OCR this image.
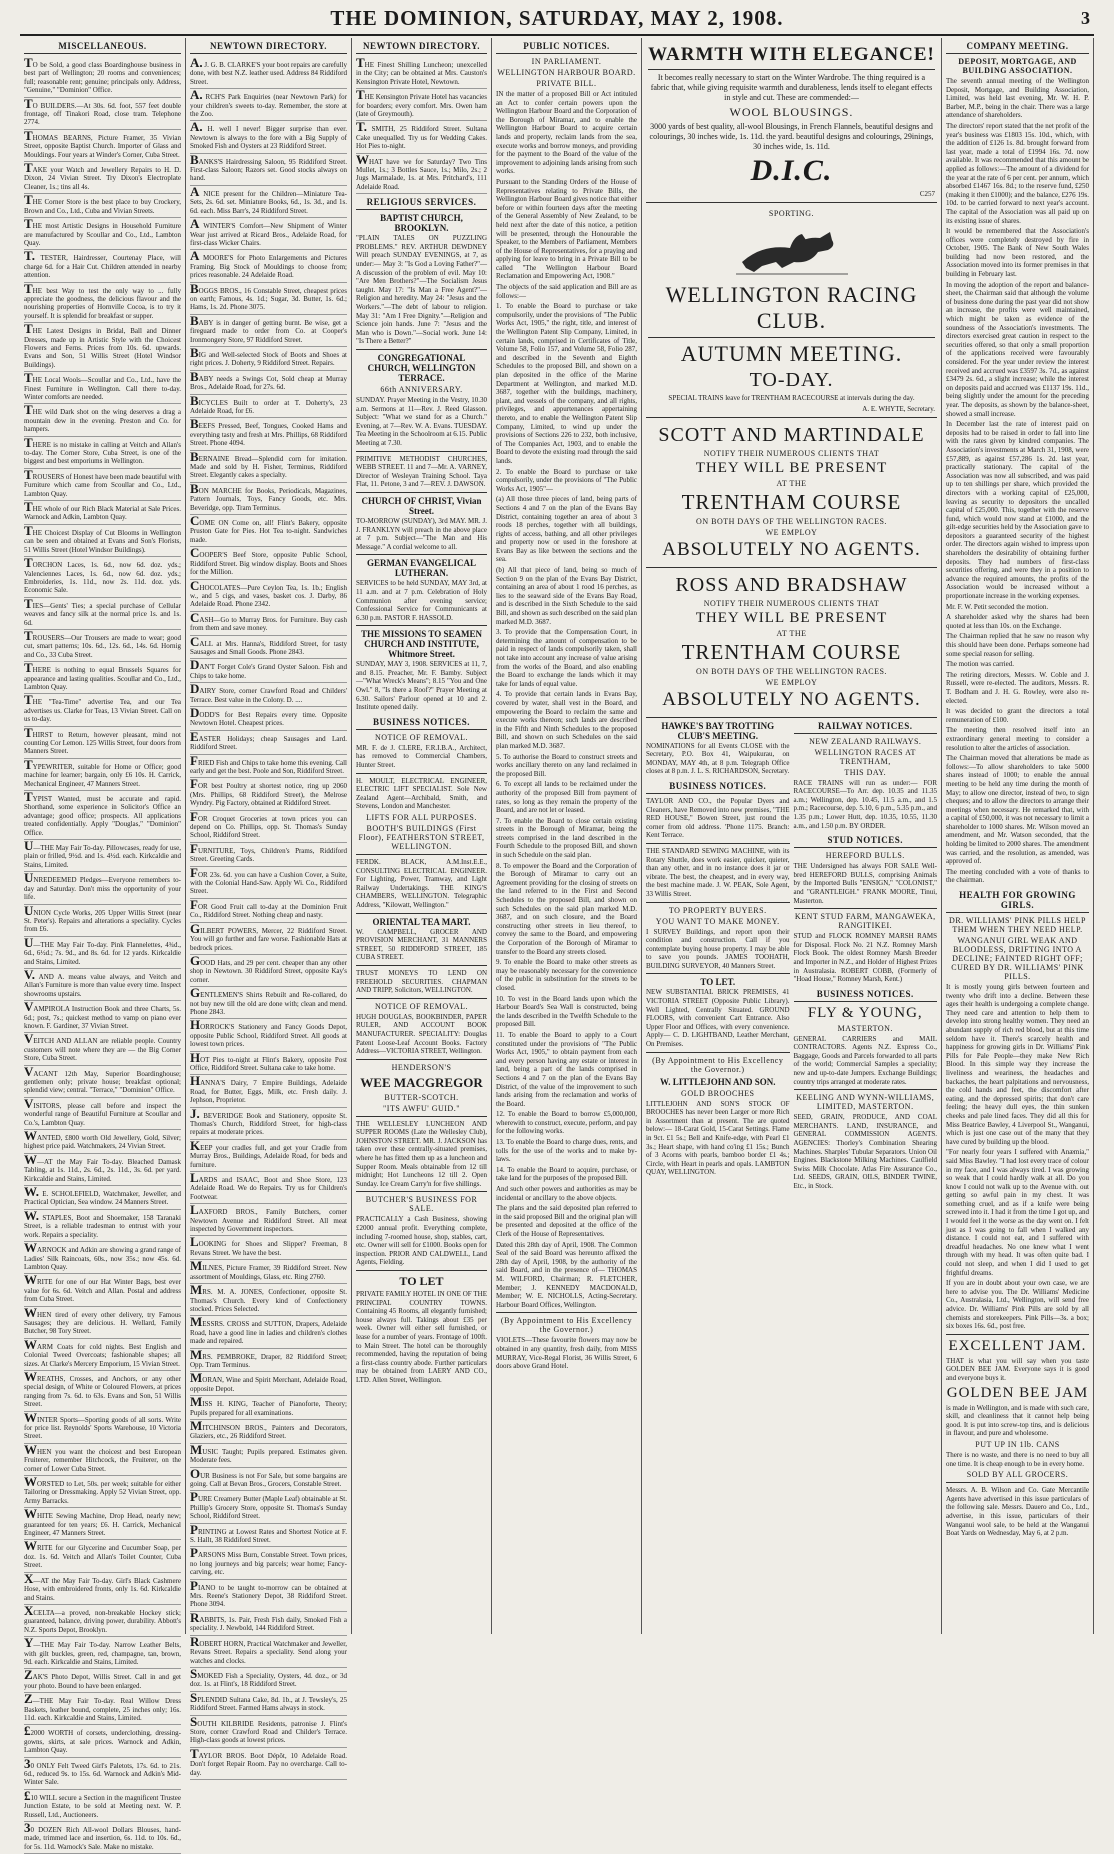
THE DOMINION, SATURDAY, MAY 2, 1908.	3
MISCELLANEOUS.
TO be Sold, a good class Boardinghouse business in best part of Wellington; 20 rooms and conveniences; full; reasonable rent; genuine; principals only. Address, "Genuine," "Dominion" Office.
TO BUILDERS.—At 30s. 6d. foot, 557 feet double frontage, off Tinakori Road, close tram. Telephone 2774.
THOMAS BEARNS, Picture Framer, 35 Vivian Street, opposite Baptist Church. Importer of Glass and Mouldings. Four years at Winder's Corner, Cuba Street.
TAKE your Watch and Jewellery Repairs to H. D. Dixon, 24 Vivian Street. Try Dixon's Electroplate Cleaner, 1s.; tins all 4s.
THE Corner Store is the best place to buy Crockery, Brown and Co., Ltd., Cuba and Vivian Streets.
THE most Artistic Designs in Household Furniture are manufactured by Scoullar and Co., Ltd., Lambton Quay.
T. TESTER, Hairdresser, Courtenay Place, will charge 6d. for a Hair Cut. Children attended in nearby attention.
THE best Way to test the only way to ... fully appreciate the goodness, the delicious flavour and the nourishing properties of Hornville Cocoa, is to try it yourself. It is splendid for breakfast or supper.
THE Latest Designs in Bridal, Ball and Dinner Dresses, made up in Artistic Style with the Choicest Flowers and Ferns. Prices from 10s. 6d. upwards. Evans and Son, 51 Willis Street (Hotel Windsor Buildings).
THE Local Wools—Scoullar and Co., Ltd., have the Finest Furniture in Wellington. Call there to-day. Winter comforts are needed.
THE wild Dark shot on the wing deserves a drag a mountain dew in the evening. Preston and Co. for hampers.
THERE is no mistake in calling at Veitch and Allan's to-day. The Corner Store, Cuba Street, is one of the biggest and best emporiums in Wellington.
TROUSERS of Honest have been made beautiful with Furniture which came from Scoullar and Co., Ltd., Lambton Quay.
THE whole of our Rich Black Material at Sale Prices. Warnock and Adkin, Lambton Quay.
THE Choicest Display of Cut Blooms in Wellington can be seen and obtained at Evans and Son's Florists, 51 Willis Street (Hotel Windsor Buildings).
TORCHON Laces, 1s. 6d., now 6d. doz. yds.; Valenciennes Laces, 1s. 6d., now 6d. doz. yds.; Embroideries, 1s. 11d., now 2s. 11d. doz. yds. Economic Sale.
TIES—Gents' Ties; a special purchase of Cellular weaves and fancy silk at the normal price 1s. and 1s. 6d.
TROUSERS—Our Trousers are made to wear; good cut, smart patterns; 10s. 6d., 12s. 6d., 14s. 6d. Hornig and Co., 33 Cuba Street.
THERE is nothing to equal Brussels Squares for appearance and lasting qualities. Scoullar and Co., Ltd., Lambton Quay.
THE "Tea-Time" advertise Tea, and our Tea advertises us. Clarke for Teas, 13 Vivian Street. Call on us to-day.
THIRST to Return, however pleasant, mind not counting Cor Lemon. 125 Willis Street, four doors from Manners Street.
TYPEWRITER, suitable for Home or Office; good machine for learner; bargain, only £6 10s. H. Carrick, Mechanical Engineer, 47 Manners Street.
TYPIST Wanted, must be accurate and rapid. Shorthand, some experience in Solicitor's Office an advantage; good office; prospects. All applications treated confidentially. Apply "Douglas," "Dominion" Office.
U—THE May Fair To-day. Pillowcases, ready for use, plain or frilled, 9½d. and 1s. 4½d. each. Kirkcaldie and Stains, Limited.
UNREDEEMED Pledges—Everyone remembers to-day and Saturday. Don't miss the opportunity of your life.
UNION Cycle Works, 205 Upper Willis Street (near St. Peter's). Repairs and alterations a speciality. Cycles from £6.
U—THE May Fair To-day. Pink Flannelettes, 4¾d., 6d., 6½d.; 7s. 9d., and 8s. 6d. for 12 yards. Kirkcaldie and Stains, Limited.
V. AND A. means value always, and Veitch and Allan's Furniture is more than value every time. Inspect showrooms upstairs.
VAMPIROLA Instruction Book and three Charts, 5s. 6d.; post, 7s.; quickest method to vamp on piano ever known. F. Gardiner, 37 Vivian Street.
VEITCH AND ALLAN are reliable people. Country customers will note where they are — the Big Corner Store, Cuba Street.
VACANT 12th May, Superior Boardinghouse; gentlemen only; private house; breakfast optional; splendid view; central. "Terrace," "Dominion" Office.
VISITORS, please call before and inspect the wonderful range of Beautiful Furniture at Scoullar and Co.'s, Lambton Quay.
WANTED, £800 worth Old Jewellery, Gold, Silver; highest price paid. Watchmakers, 24 Vivian Street.
W—AT the May Fair To-day. Bleached Damask Tabling, at 1s. 11d., 2s. 6d., 2s. 11d., 3s. 6d. per yard. Kirkcaldie and Stains, Limited.
W. E. SCHOLEFIELD, Watchmaker, Jeweller, and Practical Optician, Sea window. 24 Manners Street.
W. STAPLES, Boot and Shoemaker, 158 Taranaki Street, is a reliable tradesman to entrust with your work. Repairs a speciality.
WARNOCK and Adkin are showing a grand range of Ladies' Silk Raincoats, 60s., now 35s.; now 45s. 6d. Lambton Quay.
WRITE for one of our Hat Winter Bags, best ever value for 6s. 6d. Veitch and Allan. Postal and address from Cuba Street.
WHEN tired of every other delivery, try Famous Sausages; they are delicious. H. Wellard, Family Butcher, 98 Tory Street.
WARM Coats for cold nights. Best English and Colonial Tweed Overcoats; fashionable shapes; all sizes. At Clarke's Mercery Emporium, 15 Vivian Street.
WREATHS, Crosses, and Anchors, or any other special design, of White or Coloured Flowers, at prices ranging from 7s. 6d. to 63s. Evans and Son, 51 Willis Street.
WINTER Sports—Sporting goods of all sorts. Write for price list. Reynolds' Sports Warehouse, 10 Victoria Street.
WHEN you want the choicest and best European Fruiterer, remember Hitchcock, the Fruiterer, on the corner of Lower Cuba Street.
WORSTED to Let, 50s. per week; suitable for either Tailoring or Dressmaking. Apply 52 Vivian Street, opp. Army Barracks.
WHITE Sewing Machine, Drop Head, nearly new; guaranteed for ten years; £6. H. Carrick, Mechanical Engineer, 47 Manners Street.
WRITE for our Glycerine and Cucumber Soap, per doz. 1s. 6d. Veitch and Allan's Toilet Counter, Cuba Street.
X—AT the May Fair To-day. Girl's Black Cashmere Hose, with embroidered fronts, only 1s. 6d. Kirkcaldie and Stains.
XCELTA—a proved, non-breakable Hockey stick; guaranteed, balance, driving power, durability. Abbott's N.Z. Sports Depot, Brooklyn.
Y—THE May Fair To-day. Narrow Leather Belts, with gilt buckles, green, red, champagne, tan, brown, 9d. each. Kirkcaldie and Stains, Limited.
ZAK'S Photo Depot, Willis Street. Call in and get your photo. Bound to have been enlarged.
Z—THE May Fair To-day. Real Willow Dress Baskets, leather bound, complete, 25 inches only; 16s. 11d. each. Kirkcaldie and Stains, Limited.
£2000 WORTH of corsets, underclothing, dressing-gowns, skirts, at sale prices. Warnock and Adkin, Lambton Quay.
30 ONLY Felt Tweed Girl's Paletots, 17s. 6d. to 21s. 6d., reduced 9s. to 15s. 6d. Warnock and Adkin's Mid-Winter Sale.
£10 WILL secure a Section in the magnificent Trustee Junction Estate, to be sold at Meeting next. W. P. Russell, Ltd., Auctioneers.
30 DOZEN Rich All-wool Dollars Blouses, hand-made, trimmed lace and insertion, 6s. 11d. to 10s. 6d., for 5s. 11d. Warnock's Sale. Make no mistake.
NEWTOWN DIRECTORY.
A. J. G. B. CLARKE'S your boot repairs are carefully done, with best N.Z. leather used. Address 84 Riddiford Street.
A. RCH'S Park Enquiries (near Newtown Park) for your children's sweets to-day. Remember, the store at the Zoo.
A. H. well I never! Bigger surprise than ever. Newtown is always to the fore with a Big Supply of Smoked Fish and Oysters at 23 Riddiford Street.
BANKS'S Hairdressing Saloon, 95 Riddiford Street. First-class Saloon; Razors set. Good stocks always on hand.
A NICE present for the Children—Miniature Tea-Sets, 2s. 6d. set. Miniature Books, 6d., 1s. 3d., and 1s. 6d. each. Miss Barr's, 24 Riddiford Street.
A WINTER'S Comfort—New Shipment of Winter Wear just arrived at Ricard Bros., Adelaide Road, for first-class Wicker Chairs.
A MOORE'S for Photo Enlargements and Pictures Framing. Big Stock of Mouldings to choose from; prices reasonable. 24 Adelaide Road.
BOGGS BROS., 16 Constable Street, cheapest prices on earth; Famous, 4s. 1d.; Sugar, 3d. Butter, 1s. 6d.; Hams, 1s. 2d. Phone 3075.
BABY is in danger of getting burnt. Be wise, get a fireguard made to order from Co. at Cooper's Ironmongery Store, 97 Riddiford Street.
BIG and Well-selected Stock of Boots and Shoes at right prices. J. Doherty, 9 Riddiford Street. Repairs.
BABY needs a Swings Cot, Sold cheap at Murray Bros., Adelaide Road, for 27s. 6d.
BICYCLES Built to order at T. Doherty's, 23 Adelaide Road, for £6.
BEEFS Pressed, Beef, Tongues, Cooked Hams and everything tasty and fresh at Mrs. Phillips, 68 Riddiford Street. Phone 4094.
BERNAINE Bread—Splendid corn for imitation. Made and sold by H. Fisher, Terminus, Riddiford Street. Elegantly cakes a specialty.
BON MARCHE for Books, Periodicals, Magazines, Pattern Journals, Toys, Fancy Goods, etc. Mrs. Beveridge, opp. Tram Terminus.
COME ON Come on, all! Flint's Bakery, opposite Pruston Gate for Pies. Hot Tea to-night. Sandwiches made.
COOPER'S Beef Store, opposite Public School, Riddiford Street. Big window display. Boots and Shoes for the Million.
CHOCOLATES—Pure Ceylon Tea, 1s. 1b.; English w., and 5 cigs, and vases, basket cos. J. Darby, 86 Adelaide Road. Phone 2342.
CASH—Go to Murray Bros. for Furniture. Buy cash from them and save money.
CALL at Mrs. Hanna's, Riddiford Street, for tasty Sausages and Small Goods. Phone 2843.
DAN'T Forget Cole's Grand Oyster Saloon. Fish and Chips to take home.
DAIRY Store, corner Crawford Road and Childers' Terrace. Best value in the Colony. D. ....
DODD'S for Best Repairs every time. Opposite Newtown Hotel. Cheapest prices.
EASTER Holidays; cheap Sausages and Lard. Riddiford Street.
FRIED Fish and Chips to take home this evening. Call early and get the best. Poole and Son, Riddiford Street.
FOR best Poultry at shortest notice, ring up 2060 (Mrs. Phillips, 68 Riddiford Street), the Melrose Wyndry. Pig Factory, obtained at Riddiford Street.
FOR Croquet Groceries at town prices you can depend on Co. Phillips, opp. St. Thomas's Sunday School, Riddiford Street.
FURNITURE, Toys, Children's Prams, Riddiford Street. Greeting Cards.
FOR 23s. 6d. you can have a Cushion Cover, a Suite, with the Colonial Hand-Saw. Apply Wi. Co., Riddiford Street.
FOR Good Fruit call to-day at the Dominion Fruit Co., Riddiford Street. Nothing cheap and nasty.
GILBERT POWERS, Mercer, 22 Riddiford Street. You will go further and fare worse. Fashionable Hats at bedrock prices.
GOOD Hats, and 29 per cent. cheaper than any other shop in Newtown. 30 Riddiford Street, opposite Kay's corner.
GENTLEMEN'S Shirts Rebuilt and Re-collared, do not buy new till the old are done with; clean and mend. Phone 2843.
HORROCK'S Stationery and Fancy Goods Depot, opposite Public School, Riddiford Street. All goods at lowest town prices.
HOT Pies to-night at Flint's Bakery, opposite Post Office, Riddiford Street. Sultana cake to take home.
HANNA'S Dairy, 7 Empire Buildings, Adelaide Road, for Butter, Eggs, Milk, etc. Fresh daily. J. Jephson, Proprietor.
J. BEVERIDGE Book and Stationery, opposite St. Thomas's Church, Riddiford Street, for high-class repairs at moderate prices.
KEEP your cradles full, and get your Cradle from Murray Bros., Buildings, Adelaide Road, for beds and furniture.
LARDS and ISAAC, Boot and Shoe Store, 123 Adelaide Road. We do Repairs. Try us for Children's Footwear.
LAXFORD BROS., Family Butchers, corner Newtown Avenue and Riddiford Street. All meat inspected by Government inspectors.
LOOKING for Shoes and Slipper? Freeman, 8 Revans Street. We have the best.
MILNES, Picture Framer, 39 Riddiford Street. New assortment of Mouldings, Glass, etc. Ring 2760.
MRS. M. A. JONES, Confectioner, opposite St. Thomas's Church. Every kind of Confectionery stocked. Prices Selected.
MESSRS. CROSS and SUTTON, Drapers, Adelaide Road, have a good line in ladies and children's clothes made and repaired.
MRS. PEMBROKE, Draper, 82 Riddiford Street; Opp. Tram Terminus.
MORAN, Wine and Spirit Merchant, Adelaide Road, opposite Depot.
MISS H. KING, Teacher of Pianoforte, Theory; Pupils prepared for all examinations.
MITCHINSON BROS., Painters and Decorators, Glaziers, etc., 26 Riddiford Street.
MUSIC Taught; Pupils prepared. Estimates given. Moderate fees.
OUR Business is not For Sale, but some bargains are going. Call at Bevan Bros., Grocers, Constable Street.
PURE Creamery Butter (Maple Leaf) obtainable at St. Phillip's Grocery Store, opposite St. Thomas's Sunday School, Riddiford Street.
PRINTING at Lowest Rates and Shortest Notice at F. S. Hallt, 38 Riddiford Street.
PARSONS Miss Burn, Constable Street. Town prices, no long journeys and big parcels; wear home; Fancy-carving, etc.
PIANO to be taught to-morrow can be obtained at Mrs. Reene's Stationery Depot, 38 Riddiford Street. Phone 3094.
RABBITS, 1s. Pair, Fresh Fish daily, Smoked Fish a speciality. J. Newbold, 144 Riddiford Street.
ROBERT HORN, Practical Watchmaker and Jeweller, Revans Street. Repairs a speciality. Send along your watches and clocks.
SMOKED Fish a Speciality, Oysters, 4d. doz., or 3d doz. 1s. at Flint's, 18 Riddiford Street.
SPLENDID Sultana Cake, 8d. 1b., at J. Tewsley's, 25 Riddiford Street. Farmed Hams always in stock.
SOUTH KILBRIDE Residents, patronise J. Flint's Store, corner Crawford Road and Childer's Terrace. High-class goods at lowest prices.
TAYLOR BROS. Boot Dépôt, 10 Adelaide Road. Don't forget Repair Room. Pay no overcharge. Call to-day.
NEWTOWN DIRECTORY.
THE Finest Shilling Luncheon; unexcelled in the City; can be obtained at Mrs. Causton's Kensington Private Hotel, Newtown.
THE Kensington Private Hotel has vacancies for boarders; every comfort. Mrs. Owen ham (late of Greymouth).
T. SMITH, 25 Riddiford Street. Sultana Cake unequalled. Try us for Wedding Cakes. Hot Pies to-night.
WHAT have we for Saturday? Two Tins Mullet, 1s.; 3 Bottles Sauce, 1s.; Milo, 2s.; 2 Jugs Marmalade, 1s. at Mrs. Pritchard's, 111 Adelaide Road.
RELIGIOUS SERVICES.
BAPTIST CHURCH, BROOKLYN.
"PLAIN TALES ON PUZZLING PROBLEMS." REV. ARTHUR DEWDNEY Will preach SUNDAY EVENINGS, at 7, as under:— May 3: "Is God a Loving Father?"—A discussion of the problem of evil. May 10: "Are Men Brothers?"—The Socialism Jesus taught. May 17: "Is Man a Free Agent?"—Religion and heredity. May 24: "Jesus and the Workers."—The debt of labour to religion. May 31: "Am I Free Dignity."—Religion and Science join hands. June 7: "Jesus and the Man who is Down."—Social work. June 14: "Is There a Better?"
CONGREGATIONAL CHURCH, WELLINGTON TERRACE.
66th ANNIVERSARY.
SUNDAY. Prayer Meeting in the Vestry, 10.30 a.m. Sermons at 11—Rev. J. Reed Glasson. Subject: "What we stand for as a Church." Evening, at 7—Rev. W. A. Evans. TUESDAY. Tea Meeting in the Schoolroom at 6.15. Public Meeting at 7.30.
PRIMITIVE METHODIST CHURCHES, WEBB STREET. 11 and 7—Mr. A. VARNEY, Director of Wesleyan Training School. Taya Flat, 11. Petone, 3 and 7—REV. J. DAWSON.
CHURCH OF CHRIST, Vivian Street.
TO-MORROW (SUNDAY), 3rd MAY. MR. J. J. FRANKLYN will preach in the above place at 7 p.m. Subject—"The Man and His Message." A cordial welcome to all.
GERMAN EVANGELICAL LUTHERAN.
SERVICES to be held SUNDAY, MAY 3rd, at 11 a.m. and at 7 p.m. Celebration of Holy Communion after evening service; Confessional Service for Communicants at 6.30 p.m. PASTOR F. HASSOLD.
THE MISSIONS TO SEAMEN CHURCH AND INSTITUTE, Whitmore Street.
SUNDAY, MAY 3, 1908. SERVICES at 11, 7, and 8.15. Preacher, Mr. F. Bamby. Subject—"What Wreck's Means"; 8.15 "You and One Owl." 8, "Is there a Roof?" Prayer Meeting at 6.30. Sailors' Parlour opened at 10 and 2. Institute opened daily.
BUSINESS NOTICES.
NOTICE OF REMOVAL.
MR. F. de J. CLERE, F.R.I.B.A., Architect, has removed to Commercial Chambers, Hunter Street.
H. MOULT, ELECTRICAL ENGINEER, ELECTRIC LIFT SPECIALIST. Sole New Zealand Agent—Archibald, Smith, and Stevens, London and Manchester.
LIFTS FOR ALL PURPOSES.
BOOTH'S BUILDINGS (First Floor), FEATHERSTON STREET, WELLINGTON.
FERDK. BLACK, A.M.Inst.E.E., CONSULTING ELECTRICAL ENGINEER. For Lighting, Power, Tramway, and Light Railway Undertakings. THE KING'S CHAMBERS, WELLINGTON. Telegraphic Address, "Kilowatt, Wellington."
ORIENTAL TEA MART.
W. CAMPBELL, GROCER AND PROVISION MERCHANT, 31 MANNERS STREET, 50 RIDDIFORD STREET, 185 CUBA STREET.
TRUST MONEYS TO LEND ON FREEHOLD SECURITIES. CHAPMAN AND TRIPP, Solicitors, WELLINGTON.
NOTICE OF REMOVAL.
HUGH DOUGLAS, BOOKBINDER, PAPER RULER, AND ACCOUNT BOOK MANUFACTURER. SPECIALITY: Douglas Patent Loose-Leaf Account Books. Factory Address—VICTORIA STREET, Wellington.
HENDERSON'S
WEE MACGREGOR
BUTTER-SCOTCH.
"ITS AWFU' GUID."
THE WELLESLEY LUNCHEON AND SUPPER ROOMS (Late the Wellesley Club), JOHNSTON STREET. MR. J. JACKSON has taken over these centrally-situated premises, where he has fitted them up as a luncheon and Supper Room. Meals obtainable from 12 till midnight; Hot Luncheons 12 till 2. Open Sunday. Ice Cream Carry'n for five shillings.
BUTCHER'S BUSINESS FOR SALE.
PRACTICALLY a Cash Business, showing £2000 annual profit. Everything complete, including 7-roomed house, shop, stables, cart, etc. Owner will sell for £1000. Books open for inspection. PRIOR AND CALDWELL, Land Agents, Fielding.
TO LET
PRIVATE FAMILY HOTEL IN ONE OF THE PRINCIPAL COUNTRY TOWNS. Containing 45 Rooms, all elegantly furnished; house always full. Takings about £35 per week. Owner will either sell furnished, or lease for a number of years. Frontage of 100ft. to Main Street. The hotel can be thoroughly recommended, having the reputation of being a first-class country abode. Further particulars may be obtained from LAERY AND CO., LTD. Allen Street, Wellington.
PUBLIC NOTICES.
IN PARLIAMENT.
WELLINGTON HARBOUR BOARD.
PRIVATE BILL.
IN the matter of a proposed Bill or Act intituled an Act to confer certain powers upon the Wellington Harbour Board and the Corporation of the Borough of Miramar, and to enable the Wellington Harbour Board to acquire certain lands and property, reclaim lands from the sea, execute works and borrow moneys, and providing for the payment to the Board of the value of the improvement to adjoining lands arising from such works.
Pursuant to the Standing Orders of the House of Representatives relating to Private Bills, the Wellington Harbour Board gives notice that either before or within fourteen days after the meeting of the General Assembly of New Zealand, to be held next after the date of this notice, a petition will be presented, through the Honourable the Speaker, to the Members of Parliament, Members of the House of Representatives, for a praying and applying for leave to bring in a Private Bill to be called "The Wellington Harbour Board Reclamation and Empowering Act, 1908."
The objects of the said application and Bill are as follows:—
1. To enable the Board to purchase or take compulsorily, under the provisions of "The Public Works Act, 1905," the right, title, and interest of the Wellington Patent Slip Company, Limited, in certain lands, comprised in Certificates of Title, Volume 58, Folio 157, and Volume 58, Folio 287, and described in the Seventh and Eighth Schedules to the proposed Bill, and shown on a plan deposited in the office of the Marine Department at Wellington, and marked M.D. 3687, together with the buildings, machinery, plant, and vessels of the company, and all rights, privileges, and appurtenances appertaining thereto, and to enable the Wellington Patent Slip Company, Limited, to wind up under the provisions of Sections 226 to 232, both inclusive, of The Companies Act, 1903, and to enable the Board to devote the existing road through the said lands.
2. To enable the Board to purchase or take compulsorily, under the provisions of "The Public Works Act, 1905"—
(a) All those three pieces of land, being parts of Sections 4 and 7 on the plan of the Evans Bay District, containing together an area of about 3 roods 18 perches, together with all buildings, rights of access, bathing, and all other privileges and property now or used in the foreshore at Evans Bay as like between the sections and the sea.
(b) All that piece of land, being so much of Section 9 on the plan of the Evans Bay District, containing an area of about 1 rood 16 perches, as lies to the seaward side of the Evans Bay Road, and is described in the Sixth Schedule to the said Bill, and shown as such described on the said plan marked M.D. 3687.
3. To provide that the Compensation Court, in determining the amount of compensation to be paid in respect of lands compulsorily taken, shall not take into account any increase of value arising from the works of the Board, and also enabling the Board to exchange the lands which it may take for lands of equal value.
4. To provide that certain lands in Evans Bay, covered by water, shall vest in the Board, and empowering the Board to reclaim the same and execute works thereon; such lands are described in the Fifth and Ninth Schedules to the proposed Bill, and shown on such Schedules on the said plan marked M.D. 3687.
5. To authorise the Board to construct streets and works ancillary thereto on any land reclaimed in the proposed Bill.
6. To except all lands to be reclaimed under the authority of the proposed Bill from payment of rates, so long as they remain the property of the Board, and are not let or leased.
7. To enable the Board to close certain existing streets in the Borough of Miramar, being the streets comprised in the land described in the Fourth Schedule to the proposed Bill, and shown in such Schedule on the said plan.
8. To empower the Board and the Corporation of the Borough of Miramar to carry out an Agreement providing for the closing of streets on the land referred to in the First and Second Schedules to the proposed Bill, and shown on such Schedules on the said plan marked M.D. 3687, and on such closure, and the Board constructing other streets in lieu thereof, to convey the same to the Board, and empowering the Corporation of the Borough of Miramar to transfer to the Board any streets closed.
9. To enable the Board to make other streets as may be reasonably necessary for the convenience of the public in substitution for the streets to be closed.
10. To vest in the Board lands upon which the Harbour Board's Sea Wall is constructed, being the lands described in the Twelfth Schedule to the proposed Bill.
11. To enable the Board to apply to a Court constituted under the provisions of "The Public Works Act, 1905," to obtain payment from each and every person having any estate or interest in land, being a part of the lands comprised in Sections 4 and 7 on the plan of the Evans Bay District, of the value of the improvement to such lands arising from the reclamation and works of the Board.
12. To enable the Board to borrow £5,000,000, wherewith to construct, execute, perform, and pay for the following works.
13. To enable the Board to charge dues, rents, and tolls for the use of the works and to make by-laws.
14. To enable the Board to acquire, purchase, or take land for the purposes of the proposed Bill.
And such other powers and authorities as may be incidental or ancillary to the above objects.
The plans and the said deposited plan referred to in the said proposed Bill and the original plan will be presented and deposited at the office of the Clerk of the House of Representatives.
Dated this 28th day of April, 1908. The Common Seal of the said Board was hereunto affixed the 28th day of April, 1908, by the authority of the said Board, and in the presence of— THOMAS M. WILFORD, Chairman; R. FLETCHER, Member; J. KENNEDY MACDONALD, Member; W. E. NICHOLLS, Acting-Secretary. Harbour Board Offices, Wellington.
(By Appointment to His Excellency the Governor.)
VIOLETS—These favourite flowers may now be obtained in any quantity, fresh daily, from MISS MURRAY, Vice-Regal Florist, 36 Willis Street, 6 doors above Grand Hotel.
WARMTH WITH ELEGANCE!
It becomes really necessary to start on the Winter Wardrobe. The thing required is a fabric that, while giving requisite warmth and durableness, lends itself to elegant effects in style and cut. These are commended:—
WOOL BLOUSINGS.
3000 yards of best quality, all-wool Blousings, in French Flannels, beautiful designs and colourings, 30 inches wide, 1s. 11d. the yard. beautiful designs and colourings, 29inings, 30 inches wide, 1s. 11d.
D.I.C.
C257
SPORTING.
WELLINGTON RACING CLUB.
AUTUMN MEETING.
TO-DAY.
SPECIAL TRAINS leave for TRENTHAM RACECOURSE at intervals during the day.
A. E. WHYTE, Secretary.
SCOTT AND MARTINDALE
NOTIFY THEIR NUMEROUS CLIENTS THAT
THEY WILL BE PRESENT
AT THE
TRENTHAM COURSE
ON BOTH DAYS OF THE WELLINGTON RACES.
WE EMPLOY
ABSOLUTELY NO AGENTS.
ROSS AND BRADSHAW
NOTIFY THEIR NUMEROUS CLIENTS THAT
THEY WILL BE PRESENT
AT THE
TRENTHAM COURSE
ON BOTH DAYS OF THE WELLINGTON RACES.
WE EMPLOY
ABSOLUTELY NO AGENTS.
HAWKE'S BAY TROTTING CLUB'S MEETING.
NOMINATIONS for all Events CLOSE with the Secretary, P.O. Box 41, Waipukurau, on MONDAY, MAY 4th, at 8 p.m. Telegraph Office closes at 8 p.m. J. L. S. RICHARDSON, Secretary.
BUSINESS NOTICES.
TAYLOR AND CO., the Popular Dyers and Cleaners, have Removed into new premises, "THE RED HOUSE," Bowen Street, just round the corner from old address. 'Phone 1175. Branch: Kent Terrace.
THE STANDARD SEWING MACHINE, with its Rotary Shuttle, does work easier, quicker, quieter, than any other, and in no instance does it jar or vibrate. The best, the cheapest, and in every way, the best machine made. J. W. PEAK, Sole Agent, 33 Willis Street.
TO PROPERTY BUYERS.
YOU WANT TO MAKE MONEY.
I SURVEY Buildings, and report upon their condition and construction. Call if you contemplate buying house property. I may be able to save you pounds. JAMES TOOHATH, BUILDING SURVEYOR, 40 Manners Street.
TO LET.
NEW SUBSTANTIAL BRICK PREMISES, 41 VICTORIA STREET (Opposite Public Library). Well Lighted, Centrally Situated. GROUND FLOORS, with convenient Cart Entrance. Also Upper Floor and Offices, with every convenience. Apply— C. D. LIGHTBAND, Leather Merchant, On Premises.
(By Appointment to His Excellency the Governor.)
W. LITTLEJOHN AND SON.
GOLD BROOCHES
LITTLEJOHN AND SON'S STOCK OF BROOCHES has never been Larger or more Rich in Assortment than at present. The are quoted below:— 18-Carat Gold, 15-Carat Settings. Flame in 9ct. £1 5s.; Bell and Knife-edge, with Pearl £1 3s.; Heart shape, with hand co'ing £1 15s.; Bunch of 3 Acorns with pearls, bamboo border £1 4s.; Circle, with Heart in pearls and opals. LAMBTON QUAY, WELLINGTON.
RAILWAY NOTICES.
NEW ZEALAND RAILWAYS.
WELLINGTON RACES AT TRENTHAM,
THIS DAY.
RACE TRAINS will run as under:— FOR RACECOURSE—To Arr. dep. 10.35 and 11.35 a.m.; Wellington, dep. 10.45, 11.5 a.m., and 1.5 p.m.; Racecourse, dep. 5.10, 6 p.m., 5.35 p.m., and 1.35 p.m.; Lower Hutt, dep. 10.35, 10.55, 11.30 a.m., and 1.50 p.m. BY ORDER.
STUD NOTICES.
HEREFORD BULLS.
THE Undersigned has always FOR SALE Well-bred HEREFORD BULLS, comprising Animals by the Imported Bulls "ENSIGN," "COLONIST," and "GRANTLEIGH." FRANK MOORE, Tinui, Masterton.
KENT STUD FARM, MANGAWEKA, RANGITIKEI.
STUD and FLOCK ROMNEY MARSH RAMS for Disposal. Flock No. 21 N.Z. Romney Marsh Flock Book. The oldest Romney Marsh Breeder and Importer in N.Z., and Holder of Highest Prizes in Australasia. ROBERT COBB, (Formerly of "Hoad House," Romney Marsh, Kent.)
BUSINESS NOTICES.
FLY & YOUNG,
MASTERTON.
GENERAL CARRIERS and MAIL CONTRACTORS. Agents N.Z. Express Co., Baggage, Goods and Parcels forwarded to all parts of the world; Commercial Samples a speciality; new and up-to-date Jumpers. Exchange Buildings; country trips arranged at moderate rates.
KEELING AND WYNN-WILLIAMS, LIMITED, MASTERTON.
SEED, GRAIN, PRODUCE, AND COAL MERCHANTS. LAND, INSURANCE, and GENERAL COMMISSION AGENTS. AGENCIES: Thorley's Combination Shearing Machines. Sharples' Tubular Separators. Union Oil Engines. Blackstone Milking Machines. Caulfield Swiss Milk Chocolate. Atlas Fire Assurance Co., Ltd. SEEDS, GRAIN, OILS, BINDER TWINE, Etc., in Stock.
COMPANY MEETING.
DEPOSIT, MORTGAGE, AND BUILDING ASSOCIATION.
The seventh annual meeting of the Wellington Deposit, Mortgage, and Building Association, Limited, was held last evening, Mr. W. H. P. Barber, M.P., being in the chair. There was a large attendance of shareholders.
The directors' report stated that the net profit of the year's business was £1803 15s. 10d., which, with the addition of £126 1s. 8d. brought forward from last year, made a total of £1994 16s. 7d. now available. It was recommended that this amount be applied as follows:—The amount of a dividend for the year at the rate of 6 per cent. per annum, which absorbed £1467 16s. 8d.; to the reserve fund, £250 (making it then £1000); and the balance, £276 19s. 10d. to be carried forward to next year's account. The capital of the Association was all paid up on its existing issue of shares.
It would be remembered that the Association's offices were completely destroyed by fire in October, 1905. The Bank of New South Wales building had now been restored, and the Association moved into its former premises in that building in February last.
In moving the adoption of the report and balance-sheet, the Chairman said that although the volume of business done during the past year did not show an increase, the profits were well maintained, which might be taken as evidence of the soundness of the Association's investments. The directors exercised great caution in respect to the securities offered, so that only a small proportion of the applications received were favourably considered. For the year under review the interest received and accrued was £3597 3s. 7d., as against £3479 2s. 6d., a slight increase; while the interest on deposits paid and accrued was £1137 19s. 11d., being slightly under the amount for the preceding year. The deposits, as shown by the balance-sheet, showed a small increase.
In December last the rate of interest paid on deposits had to be raised in order to fall into line with the rates given by kindred companies. The Association's investments at March 31, 1908, were £57,889, as against £57,286 1s. 2d. last year, practically stationary. The capital of the Association was now all subscribed, and was paid up to ten shillings per share, which provided the directors with a working capital of £25,000, leaving as security to depositors the uncalled capital of £25,000. This, together with the reserve fund, which would now stand at £1000, and the gilt-edge securities held by the Association gave to depositors a guaranteed security of the highest order. The directors again wished to impress upon shareholders the desirability of obtaining further deposits. They had numbers of first-class securities offering, and were they in a position to advance the required amounts, the profits of the Association would be increased without a proportionate increase in the working expenses.
Mr. F. W. Petit seconded the motion.
A shareholder asked why the shares had been quoted at less than 10s. on the Exchange.
The Chairman replied that he saw no reason why this should have been done. Perhaps someone had some special reason for selling.
The motion was carried.
The retiring directors, Messrs. W. Coble and J. Russell, were re-elected. The auditors, Messrs. R. T. Bodham and J. H. G. Rowley, were also re-elected.
It was decided to grant the directors a total remuneration of £100.
The meeting then resolved itself into an extraordinary general meeting to consider a resolution to alter the articles of association.
The Chairman moved that alterations be made as follows:—To allow shareholders to take 5000 shares instead of 1000; to enable the annual meeting to be held any time during the month of May; to allow one director, instead of two, to sign cheques; and to allow the directors to arrange their meetings when necessary. He remarked that, with a capital of £50,000, it was not necessary to limit a shareholder to 1000 shares. Mr. Wilson moved an amendment, and Mr. Watson seconded, that the holding be limited to 2000 shares. The amendment was carried, and the resolution, as amended, was approved of.
The meeting concluded with a vote of thanks to the chairman.
HEALTH FOR GROWING GIRLS.
DR. WILLIAMS' PINK PILLS HELP THEM WHEN THEY NEED HELP.
WANGANUI GIRL WEAK AND BLOODLESS, DRIFTING INTO A DECLINE; FAINTED RIGHT OFF; CURED BY DR. WILLIAMS' PINK PILLS.
It is mostly young girls between fourteen and twenty who drift into a decline. Between these ages their health is undergoing a complete change. They need care and attention to help them to develop into strong healthy women. They need an abundant supply of rich red blood, but at this time seldom have it. There's scarcely health and happiness for growing girls in Dr. Williams' Pink Pills for Pale People—they make New Rich Blood. In this simple way they increase the liveliness and weariness, the headaches and backaches, the heart palpitations and nervousness, the cold hands and feet, the discomfort after eating, and the depressed spirits; that don't care feeling; the heavy dull eyes, the thin sunken cheeks and pale lined faces. They did all this for Miss Beatrice Bawley, 4 Liverpool St., Wanganui, which is just one case out of the many that they have cured by building up the blood.
"For nearly four years I suffered with Anæmia," said Miss Bawley. "I had lost every trace of colour in my face, and I was always tired. I was growing so weak that I could hardly walk at all. Do you know I could not walk up to the Avenue with. out getting so awful pain in my chest. It was something cruel, and as if a knife were being screwed into it. I had it from the time I got up, and I would feel it the worse as the day went on. I felt just as I was going to fall when I walked any distance. I could not eat, and I suffered with dreadful headaches. No one knew what I went through with my head. It was often quite bad. I could not sleep, and when I did I used to get frightful dreams.
If you are in doubt about your own case, we are here to advise you. The Dr. Williams' Medicine Co., Australasia, Ltd., Wellington, will send free advice. Dr. Williams' Pink Pills are sold by all chemists and storekeepers. Pink Pills—3s. a box; six boxes 16s. 6d., post free.
EXCELLENT JAM.
THAT is what you will say when you taste GOLDEN BEE JAM. Everyone says it is good and everyone buys it.
GOLDEN BEE JAM
is made in Wellington, and is made with such care, skill, and cleanliness that it cannot help being good. It is put into screw-top tins, and is delicious in flavour, and pure and wholesome.
PUT UP IN 1lb. CANS
There is no waste, and there is no need to buy all one time. It is cheap enough to be in every home.
SOLD BY ALL GROCERS.
Messrs. A. B. Wilson and Co. Gate Mercantile Agents have advertised in this issue particulars of the following sale. Messrs. Dauero and Co., Ltd., advertise, in this issue, particulars of their Wanganui wool sale, to be held at the Wanganui Boat Yards on Wednesday, May 6, at 2 p.m.
